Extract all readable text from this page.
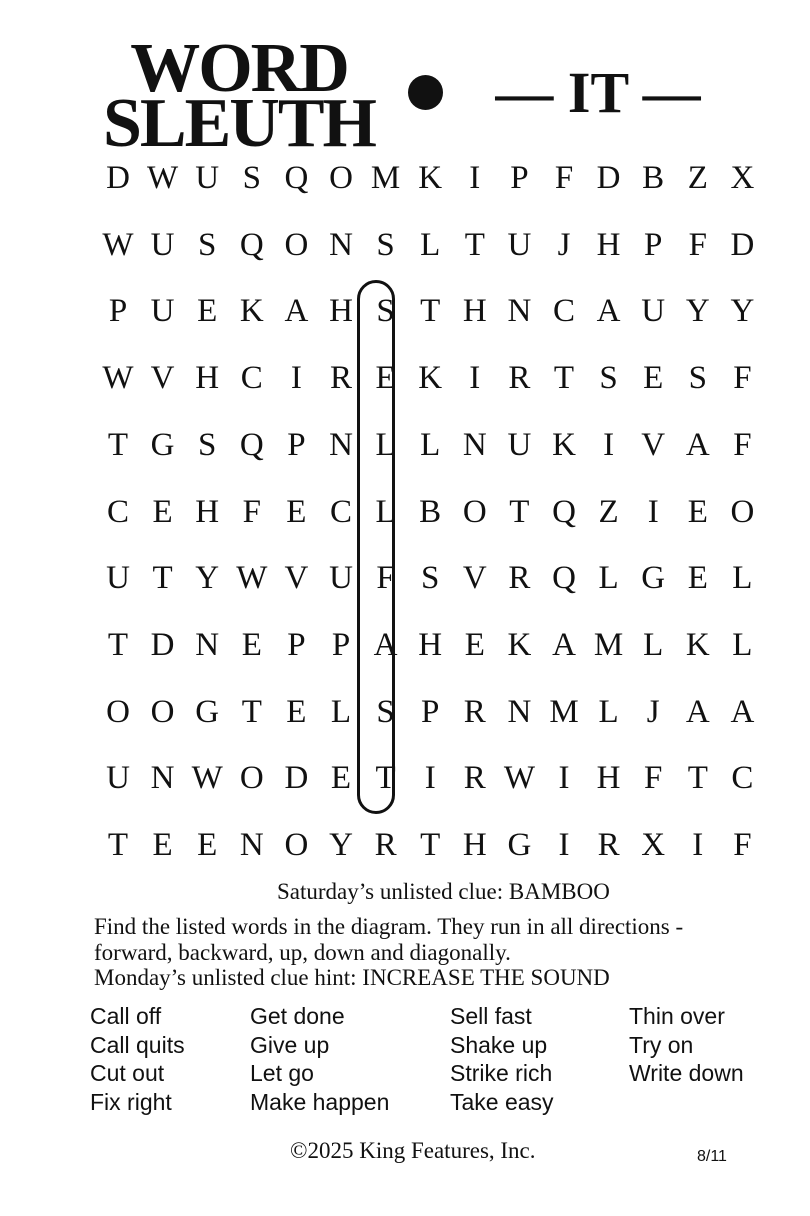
WORD
SLEUTH	— IT —
D W U S Q O M K I P F D B Z X
W U S Q O N S L T U J H P F D
P U E K A H S T H N C A U Y Y
W V H C I R E K I R T S E S F
T G S Q P N L L N U K I V A F
C E H F E C L B O T Q Z I E O
U T Y W V U F S V R Q L G E L
T D N E P P A H E K A M L K L
O O G T E L S P R N M L J A A
U N W O D E T I R W I H F T C
T E E N O Y R T H G I R X I F
Saturday’s unlisted clue: BAMBOO
Find the listed words in the diagram. They run in all directions -
forward, backward, up, down and diagonally.
Monday’s unlisted clue hint: INCREASE THE SOUND
Call off
Call quits
Cut out
Fix right
Get done
Give up
Let go
Make happen
Sell fast
Shake up
Strike rich
Take easy
Thin over
Try on
Write down
©2025 King Features, Inc.	8/11
